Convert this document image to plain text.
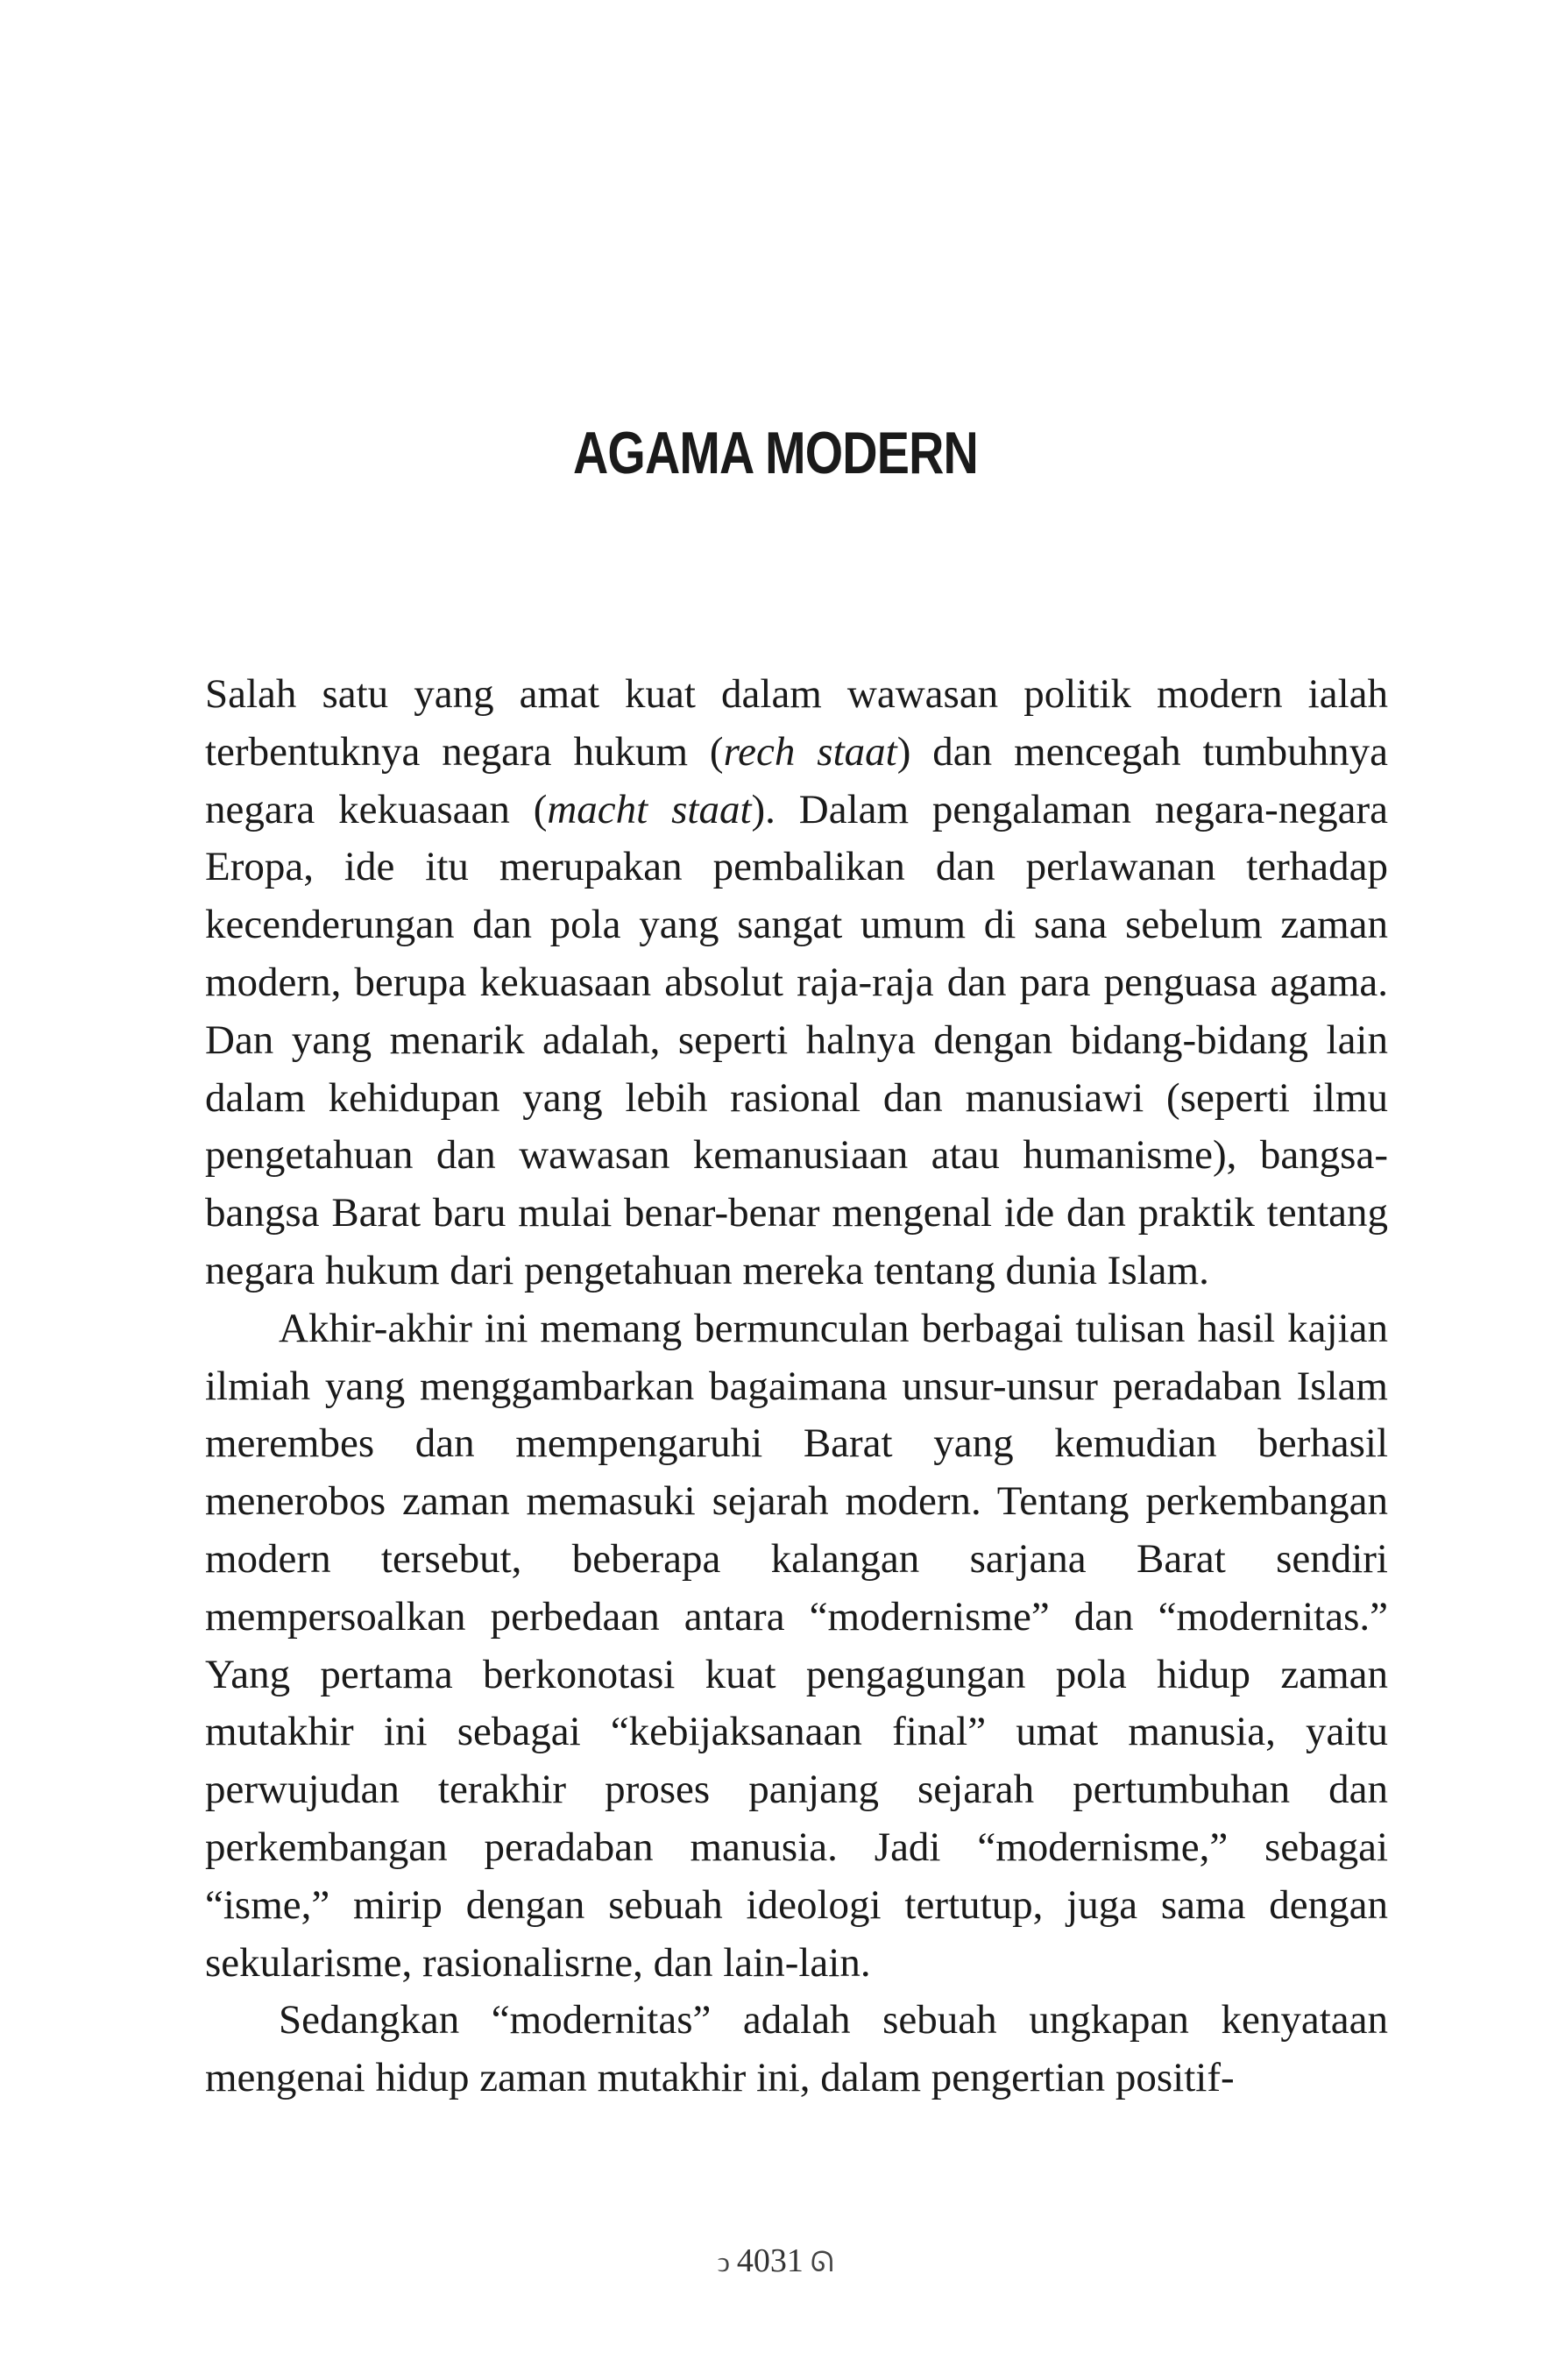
AGAMA MODERN

Salah satu yang amat kuat dalam wawasan politik modern ialah terbentuknya negara hukum (rech staat) dan mencegah tumbuhnya negara kekuasaan (macht staat). Dalam pengalaman negara-negara Eropa, ide itu merupakan pembalikan dan perlawanan terhadap kecenderungan dan pola yang sangat umum di sana sebelum zaman modern, berupa kekuasaan absolut raja-raja dan para penguasa agama. Dan yang menarik adalah, seperti halnya dengan bidang-bidang lain dalam kehidupan yang lebih rasional dan manusiawi (seperti ilmu pengetahuan dan wawasan kemanusiaan atau humanisme), bangsa-bangsa Barat baru mulai benar-benar mengenal ide dan praktik tentang negara hukum dari pengetahuan mereka tentang dunia Islam.

Akhir-akhir ini memang bermunculan berbagai tulisan hasil kajian ilmiah yang menggambarkan bagaimana unsur-unsur peradaban Islam merembes dan mempengaruhi Barat yang kemudian berhasil menerobos zaman memasuki sejarah modern. Tentang perkembangan modern tersebut, beberapa kalangan sarjana Barat sendiri mempersoalkan perbedaan antara “modernisme” dan “modernitas.” Yang pertama berkonotasi kuat pengagungan pola hidup zaman mutakhir ini sebagai “kebijaksanaan final” umat manusia, yaitu perwujudan terakhir proses panjang sejarah pertumbuhan dan perkembangan peradaban manusia. Jadi “modernisme,” sebagai “isme,” mirip dengan sebuah ideologi tertutup, juga sama dengan sekularisme, rasionalisrne, dan lain-lain.

Sedangkan “modernitas” adalah sebuah ungkapan kenyataan mengenai hidup zaman mutakhir ini, dalam pengertian positif-

ↄ 4031 ᘏ
